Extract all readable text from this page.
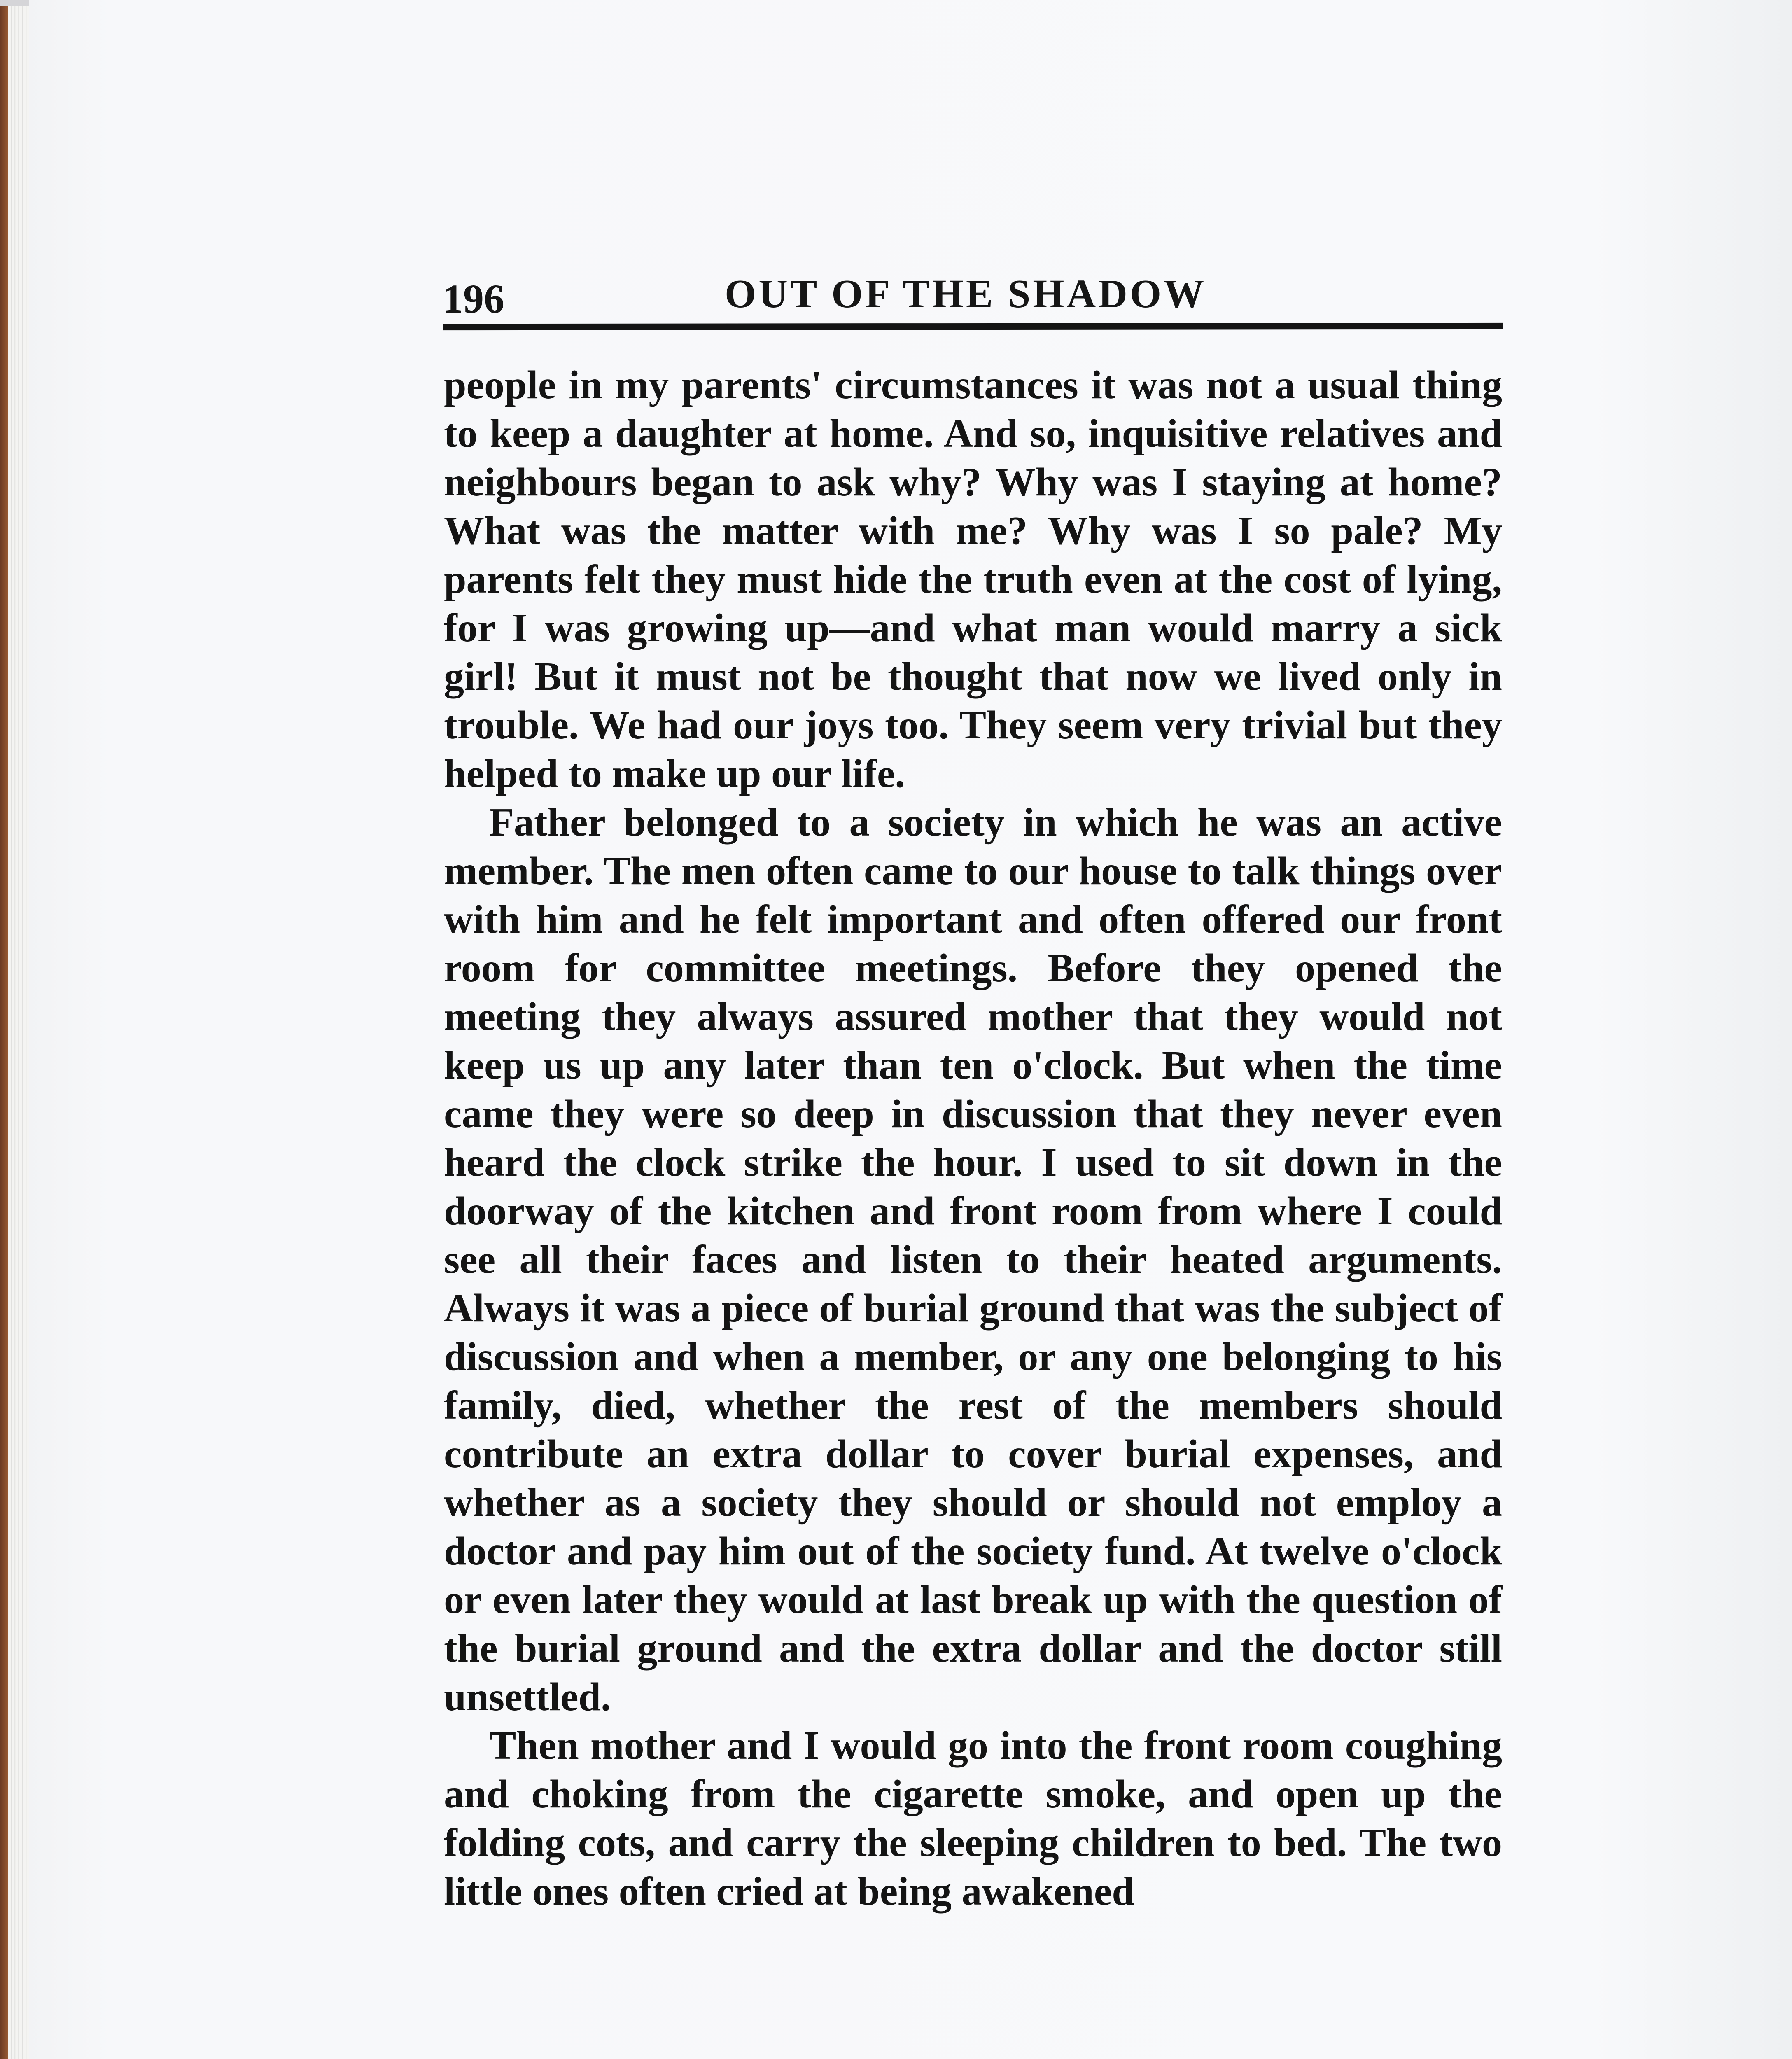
196	OUT OF THE SHADOW

people in my parents' circumstances it was not a usual thing to keep a daughter at home. And so, inquisitive relatives and neighbours began to ask why? Why was I staying at home? What was the matter with me? Why was I so pale? My parents felt they must hide the truth even at the cost of lying, for I was growing up—and what man would marry a sick girl! But it must not be thought that now we lived only in trouble. We had our joys too. They seem very trivial but they helped to make up our life.

Father belonged to a society in which he was an active member. The men often came to our house to talk things over with him and he felt important and often offered our front room for committee meetings. Before they opened the meeting they always assured mother that they would not keep us up any later than ten o'clock. But when the time came they were so deep in discussion that they never even heard the clock strike the hour. I used to sit down in the doorway of the kitchen and front room from where I could see all their faces and listen to their heated arguments. Always it was a piece of burial ground that was the subject of discussion and when a member, or any one belonging to his family, died, whether the rest of the members should contribute an extra dollar to cover burial expenses, and whether as a society they should or should not employ a doctor and pay him out of the society fund. At twelve o'clock or even later they would at last break up with the question of the burial ground and the extra dollar and the doctor still unsettled.

Then mother and I would go into the front room coughing and choking from the cigarette smoke, and open up the folding cots, and carry the sleeping children to bed. The two little ones often cried at being awakened
